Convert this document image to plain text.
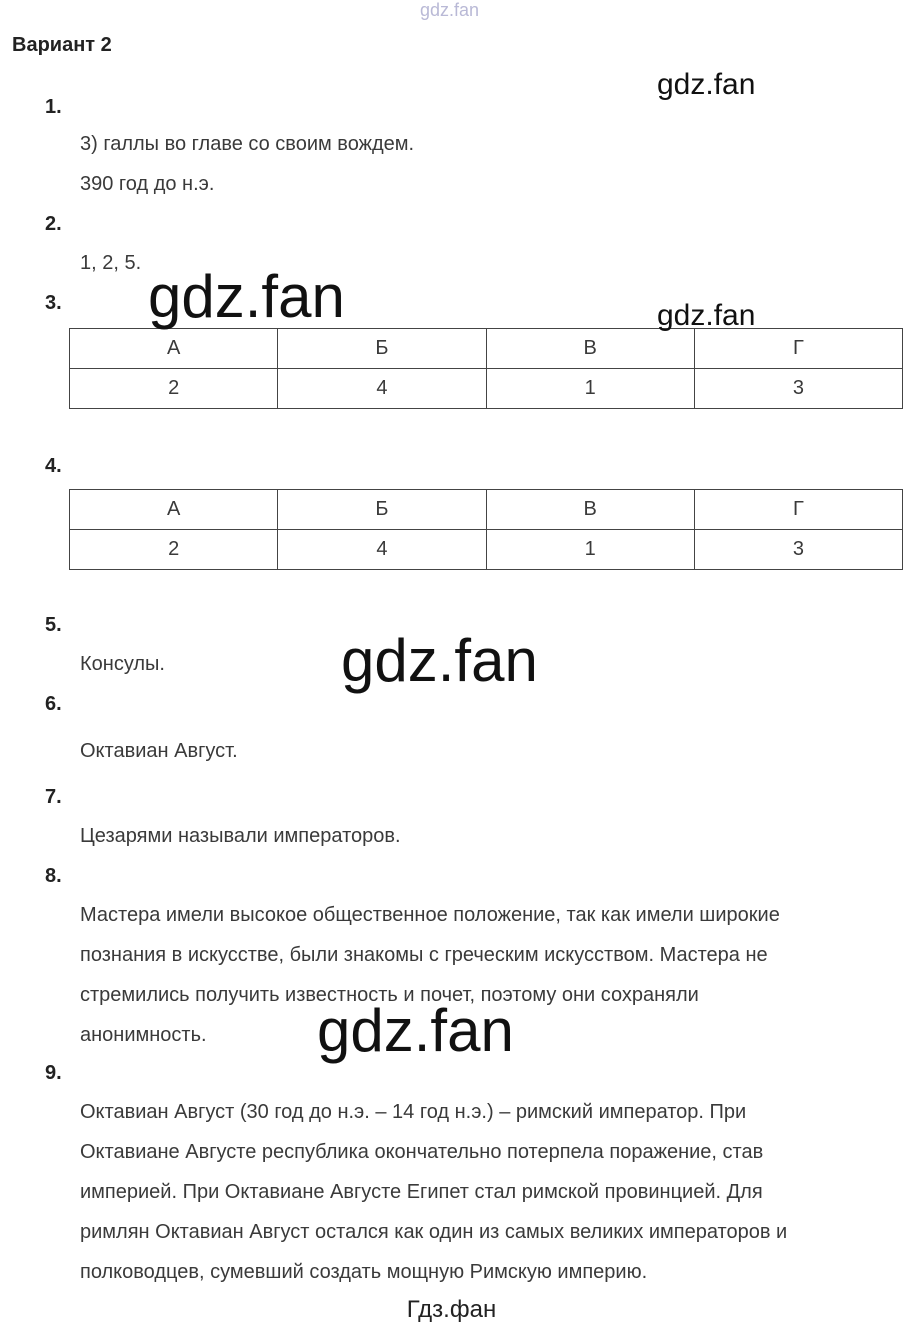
gdz.fan
Вариант 2
gdz.fan
1.
3) галлы во главе со своим вождем.
390 год до н.э.
2.
1, 2, 5.
3.
А	Б	В	Г
2	4	1	3
gdz.fan	gdz.fan
4.
А	Б	В	Г
2	4	1	3
5.
Консулы.	gdz.fan
6.
Октавиан Август.
7.
Цезарями называли императоров.
8.
Мастера имели высокое общественное положение, так как имели широкие
познания в искусстве, были знакомы с греческим искусством. Мастера не
стремились получить известность и почет, поэтому они сохраняли
анонимность.	gdz.fan
9.
Октавиан Август (30 год до н.э. – 14 год н.э.) – римский император. При
Октавиане Августе республика окончательно потерпела поражение, став
империей. При Октавиане Августе Египет стал римской провинцией. Для
римлян Октавиан Август остался как один из самых великих императоров и
полководцев, сумевший создать мощную Римскую империю.
Гдз.фан
